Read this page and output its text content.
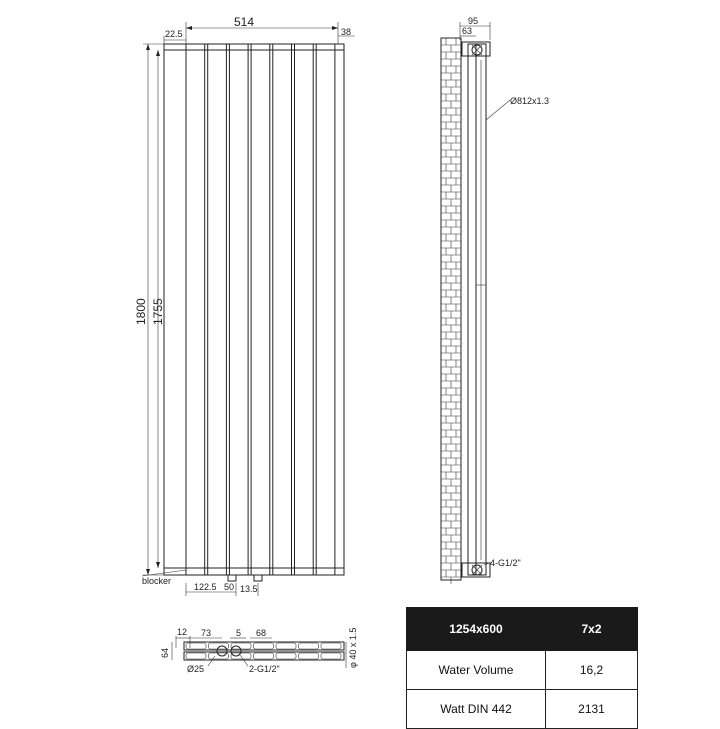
514
22.5	38
1800 1755
blocker
122.5 50 13.5
95
63
Ø812x1.3
4-G1/2"
12 73	5 68
64
Ø25	2-G1/2"
φ 40 x 1.5	1254x600	7x2
Water Volume	16,2
Watt DIN 442	2131
